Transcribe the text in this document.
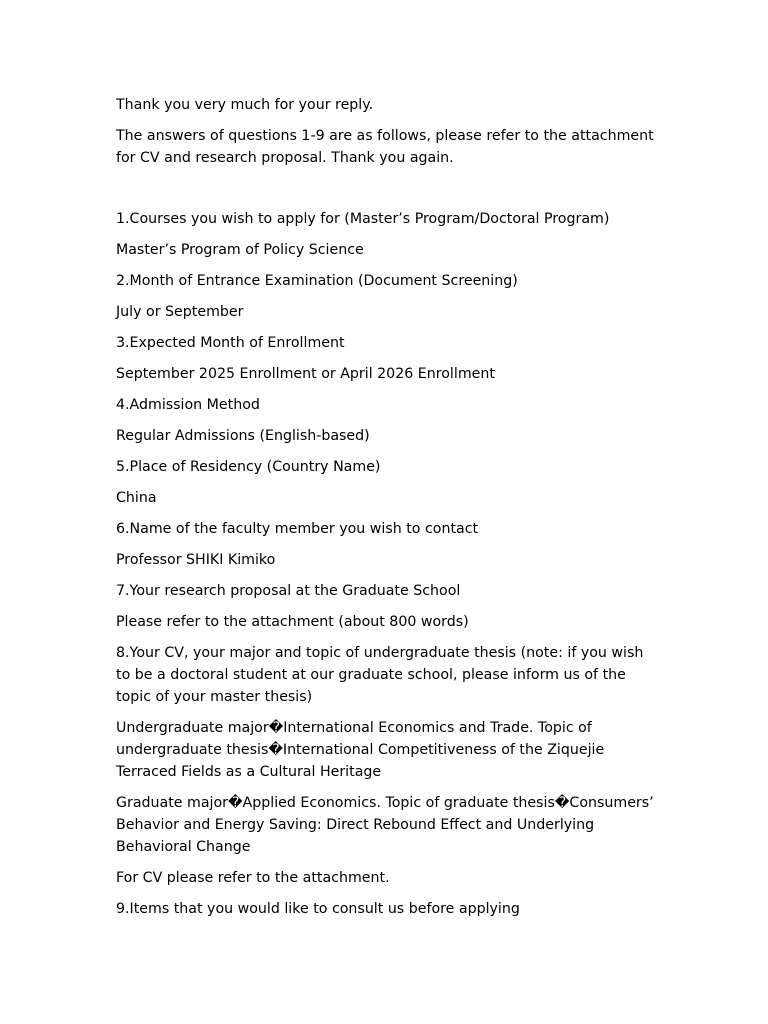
Thank you very much for your reply.

The answers of questions 1-9 are as follows, please refer to the attachment for CV and research proposal. Thank you again.

1.Courses you wish to apply for (Master’s Program/Doctoral Program)

Master’s Program of Policy Science

2.Month of Entrance Examination (Document Screening)

July or September

3.Expected Month of Enrollment

September 2025 Enrollment or April 2026 Enrollment

4.Admission Method

Regular Admissions (English-based)

5.Place of Residency (Country Name)

China

6.Name of the faculty member you wish to contact

Professor SHIKI Kimiko

7.Your research proposal at the Graduate School

Please refer to the attachment (about 800 words)

8.Your CV, your major and topic of undergraduate thesis (note: if you wish to be a doctoral student at our graduate school, please inform us of the topic of your master thesis)

Undergraduate major�International Economics and Trade. Topic of undergraduate thesis�International Competitiveness of the Ziquejie Terraced Fields as a Cultural Heritage

Graduate major�Applied Economics. Topic of graduate thesis�Consumers’ Behavior and Energy Saving: Direct Rebound Effect and Underlying Behavioral Change

For CV please refer to the attachment.

9.Items that you would like to consult us before applying
